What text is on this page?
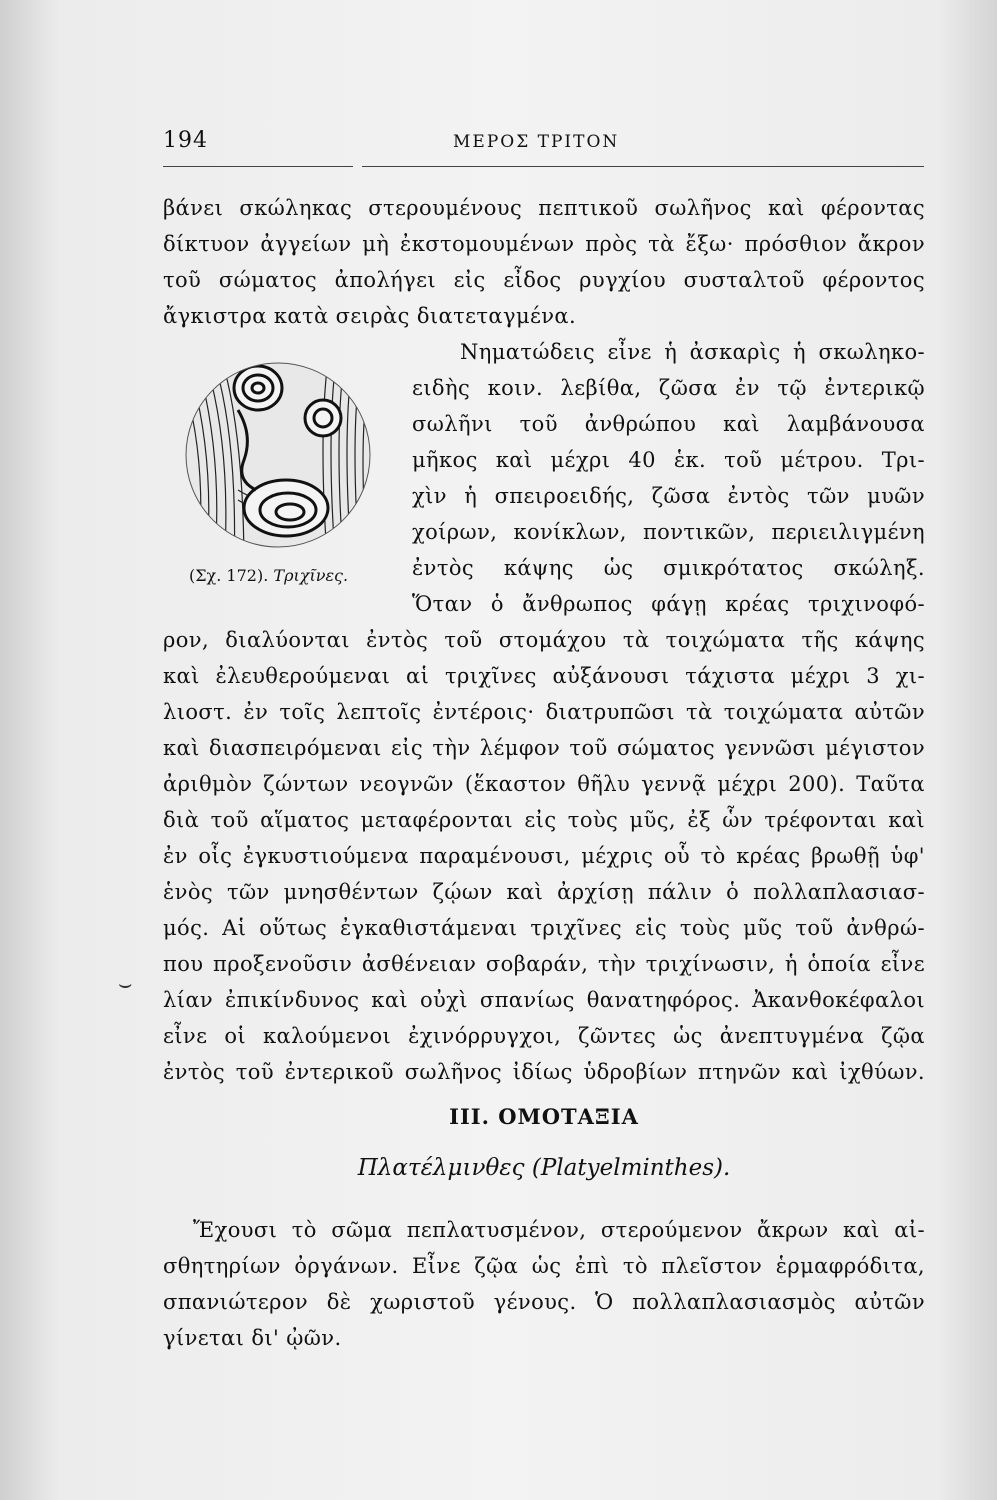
194	ΜΕΡΟΣ ΤΡΙΤΟΝ
βάνει σκώληκας στερουμένους πεπτικοῦ σωλῆνος καὶ φέροντας
δίκτυον ἀγγείων μὴ ἐκστομουμένων πρὸς τὰ ἔξω· πρόσθιον ἄκρον
τοῦ σώματος ἀπολήγει εἰς εἶδος ρυγχίου συσταλτοῦ φέροντος
ἄγκιστρα κατὰ σειρὰς διατεταγμένα.
(Σχ. 172). Τριχῖνες.
Νηματώδεις εἶνε ἡ ἀσκαρὶς ἡ σκωληκο-
ειδὴς κοιν. λεβίθα, ζῶσα ἐν τῷ ἐντερικῷ
σωλῆνι τοῦ ἀνθρώπου καὶ λαμβάνουσα
μῆκος καὶ μέχρι 40 ἑκ. τοῦ μέτρου. Τρι-
χὶν ἡ σπειροειδής, ζῶσα ἐντὸς τῶν μυῶν
χοίρων, κονίκλων, ποντικῶν, περιειλιγμένη
ἐντὸς κάψης ὡς σμικρότατος σκώληξ.
Ὅταν ὁ ἄνθρωπος φάγῃ κρέας τριχινοφό-
ρον, διαλύονται ἐντὸς τοῦ στομάχου τὰ τοιχώματα τῆς κάψης
καὶ ἐλευθερούμεναι αἱ τριχῖνες αὐξάνουσι τάχιστα μέχρι 3 χι-
λιοστ. ἐν τοῖς λεπτοῖς ἐντέροις· διατρυπῶσι τὰ τοιχώματα αὐτῶν
καὶ διασπειρόμεναι εἰς τὴν λέμφον τοῦ σώματος γεννῶσι μέγιστον
ἀριθμὸν ζώντων νεογνῶν (ἕκαστον θῆλυ γεννᾷ μέχρι 200). Ταῦτα
διὰ τοῦ αἵματος μεταφέρονται εἰς τοὺς μῦς, ἐξ ὧν τρέφονται καὶ
ἐν οἷς ἐγκυστιούμενα παραμένουσι, μέχρις οὗ τὸ κρέας βρωθῇ ὑφ'
ἑνὸς τῶν μνησθέντων ζῴων καὶ ἀρχίσῃ πάλιν ὁ πολλαπλασιασ-
μός. Αἱ οὕτως ἐγκαθιστάμεναι τριχῖνες εἰς τοὺς μῦς τοῦ ἀνθρώ-
που προξενοῦσιν ἀσθένειαν σοβαράν, τὴν τριχίνωσιν, ἡ ὁποία εἶνε
λίαν ἐπικίνδυνος καὶ οὐχὶ σπανίως θανατηφόρος. Ἀκανθοκέφαλοι
εἶνε οἱ καλούμενοι ἐχινόρρυγχοι, ζῶντες ὡς ἀνεπτυγμένα ζῷα
ἐντὸς τοῦ ἐντερικοῦ σωλῆνος ἰδίως ὑδροβίων πτηνῶν καὶ ἰχθύων.
⌣
III. ΟΜΟΤΑΞΙΑ
Πλατέλμινθες (Platyelminthes).
Ἔχουσι τὸ σῶμα πεπλατυσμένον, στερούμενον ἄκρων καὶ αἰ-
σθητηρίων ὀργάνων. Εἶνε ζῷα ὡς ἐπὶ τὸ πλεῖστον ἑρμαφρόδιτα,
σπανιώτερον δὲ χωριστοῦ γένους. Ὁ πολλαπλασιασμὸς αὐτῶν
γίνεται δι' ᾠῶν.
